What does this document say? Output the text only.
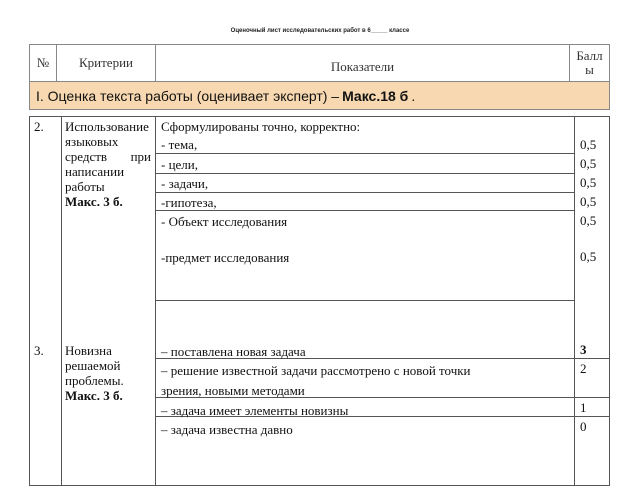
Оценочный лист исследовательских работ в 6_____ классе
№	Критерии	Показатели
Баллы
I. Оценка текста работы (оценивает эксперт) – Макс.18 б .
2. Использование языковых средств при написании работы
Макс. 3 б.
Сформулированы точно, корректно:
- тема,
- цели,
- задачи,
-гипотеза,
- Объект исследования
-предмет исследования
0,5
0,5
0,5
0,5
0,5
0,5
3. Новизна решаемой проблемы.
Макс. 3 б.
– поставлена новая задача
– решение известной задачи рассмотрено с новой точки
зрения, новыми методами
– задача имеет элементы новизны
– задача известна давно
3
2
1
0
